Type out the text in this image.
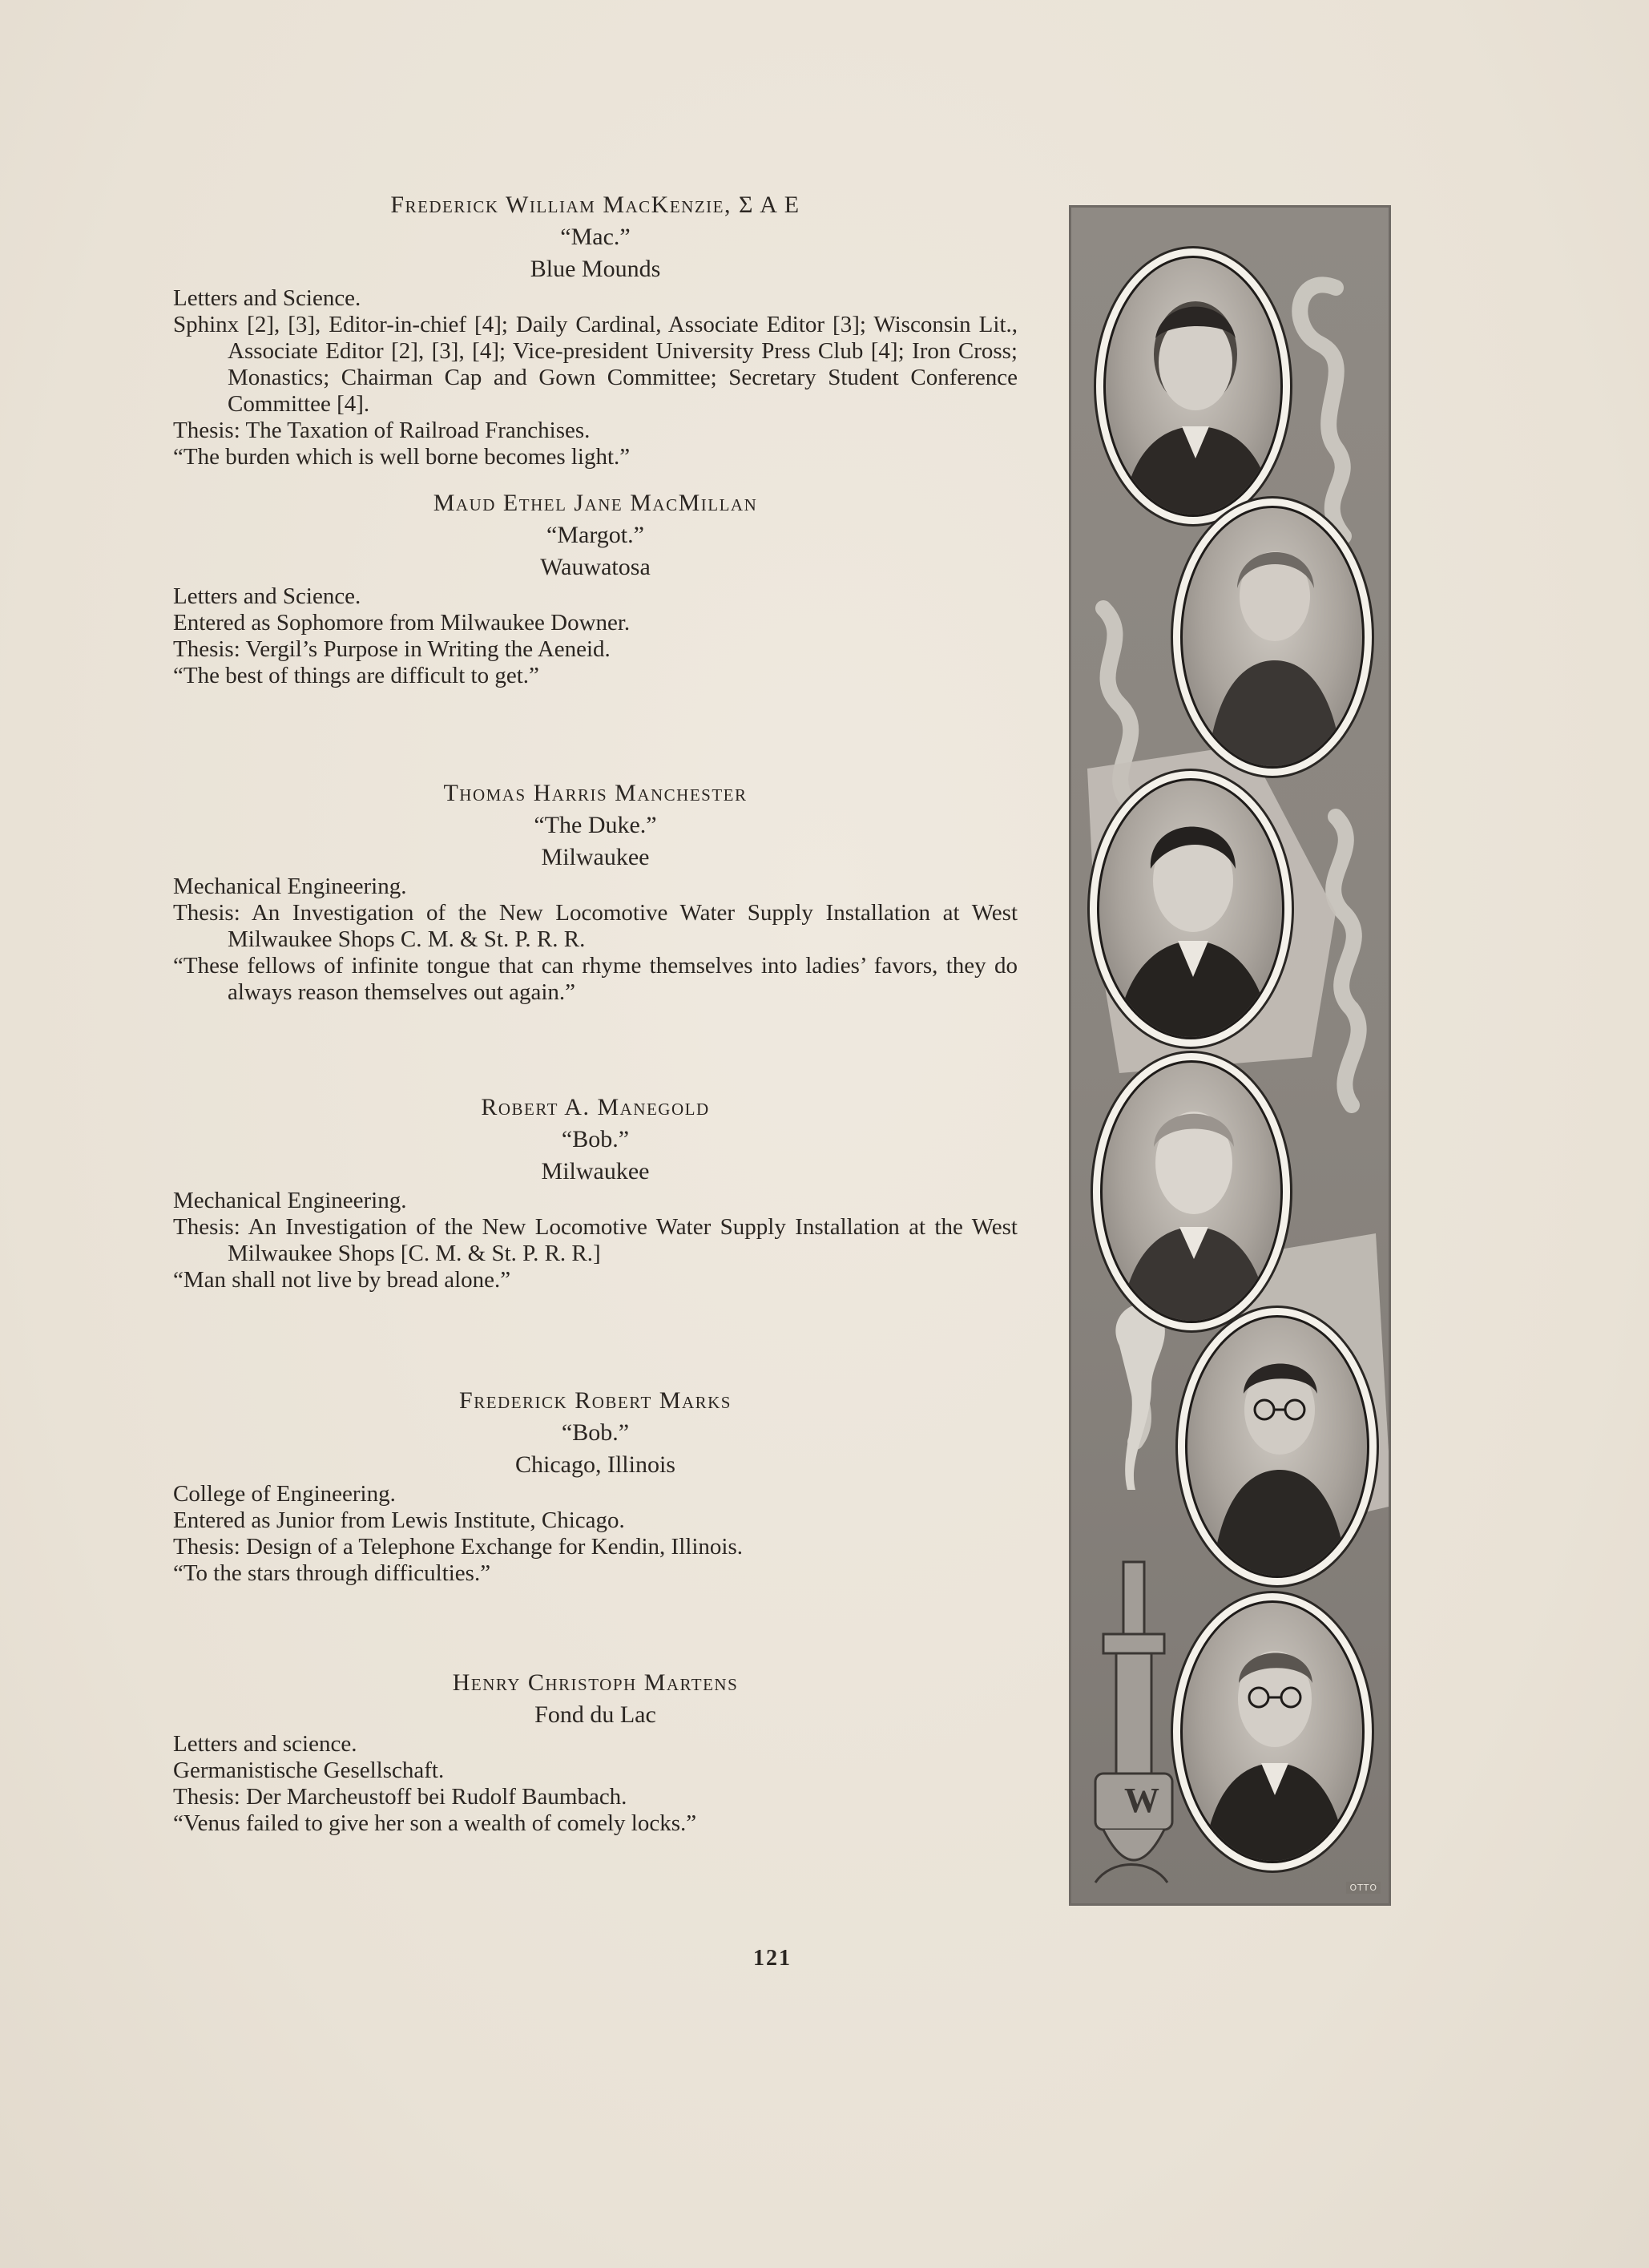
Frederick William MacKenzie, Σ Α Ε

“Mac.”

Blue Mounds

Letters and Science.

Sphinx [2], [3], Editor-in-chief [4]; Daily Cardinal, Associate Editor [3]; Wisconsin Lit., Associate Editor [2], [3], [4]; Vice-president University Press Club [4]; Iron Cross; Monastics; Chairman Cap and Gown Committee; Secretary Student Conference Committee [4].

Thesis: The Taxation of Railroad Franchises.

“The burden which is well borne becomes light.”

Maud Ethel Jane MacMillan

“Margot.”

Wauwatosa

Letters and Science.

Entered as Sophomore from Milwaukee Downer.

Thesis: Vergil’s Purpose in Writing the Aeneid.

“The best of things are difficult to get.”

Thomas Harris Manchester

“The Duke.”

Milwaukee

Mechanical Engineering.

Thesis: An Investigation of the New Locomotive Water Supply Installation at West Milwaukee Shops C. M. & St. P. R. R.

“These fellows of infinite tongue that can rhyme themselves into ladies’ favors, they do always reason themselves out again.”

Robert A. Manegold

“Bob.”

Milwaukee

Mechanical Engineering.

Thesis: An Investigation of the New Locomotive Water Supply Installation at the West Milwaukee Shops [C. M. & St. P. R. R.]

“Man shall not live by bread alone.”

Frederick Robert Marks

“Bob.”

Chicago, Illinois

College of Engineering.

Entered as Junior from Lewis Institute, Chicago.

Thesis: Design of a Telephone Exchange for Kendin, Illinois.

“To the stars through difficulties.”

Henry Christoph Martens

Fond du Lac

Letters and science.

Germanistische Gesellschaft.

Thesis: Der Marcheustoff bei Rudolf Baumbach.

“Venus failed to give her son a wealth of comely locks.”

121
W
OTTO
